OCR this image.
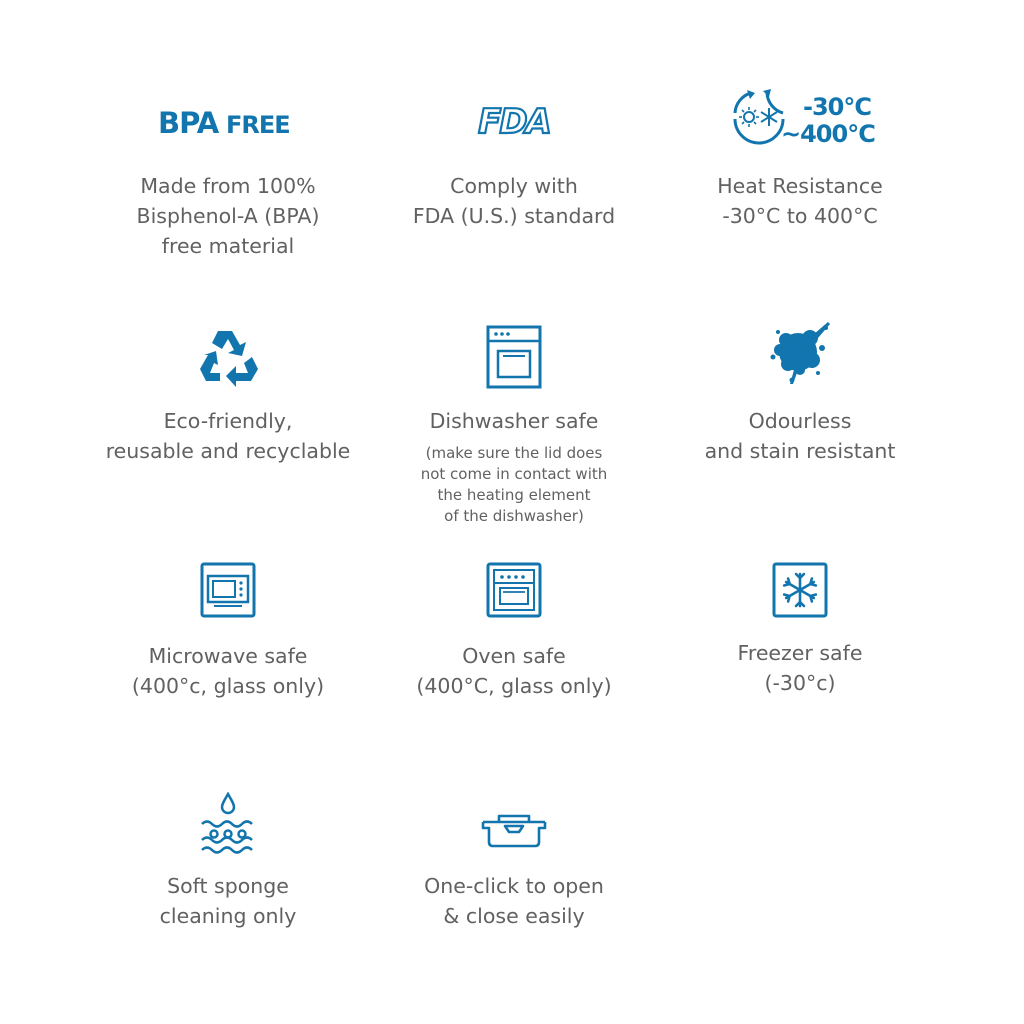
BPA FREE
Made from 100%
Bisphenol-A (BPA)
free material
FDA
Comply with
FDA (U.S.) standard
-30°C
~400°C
Heat Resistance
-30°C to 400°C
Eco-friendly,
reusable and recyclable
Dishwasher safe
(make sure the lid does
not come in contact with
the heating element
of the dishwasher)
Odourless
and stain resistant
Microwave safe
(400°c, glass only)
Oven safe
(400°C, glass only)
Freezer safe
(-30°c)
Soft sponge
cleaning only
One-click to open
& close easily
